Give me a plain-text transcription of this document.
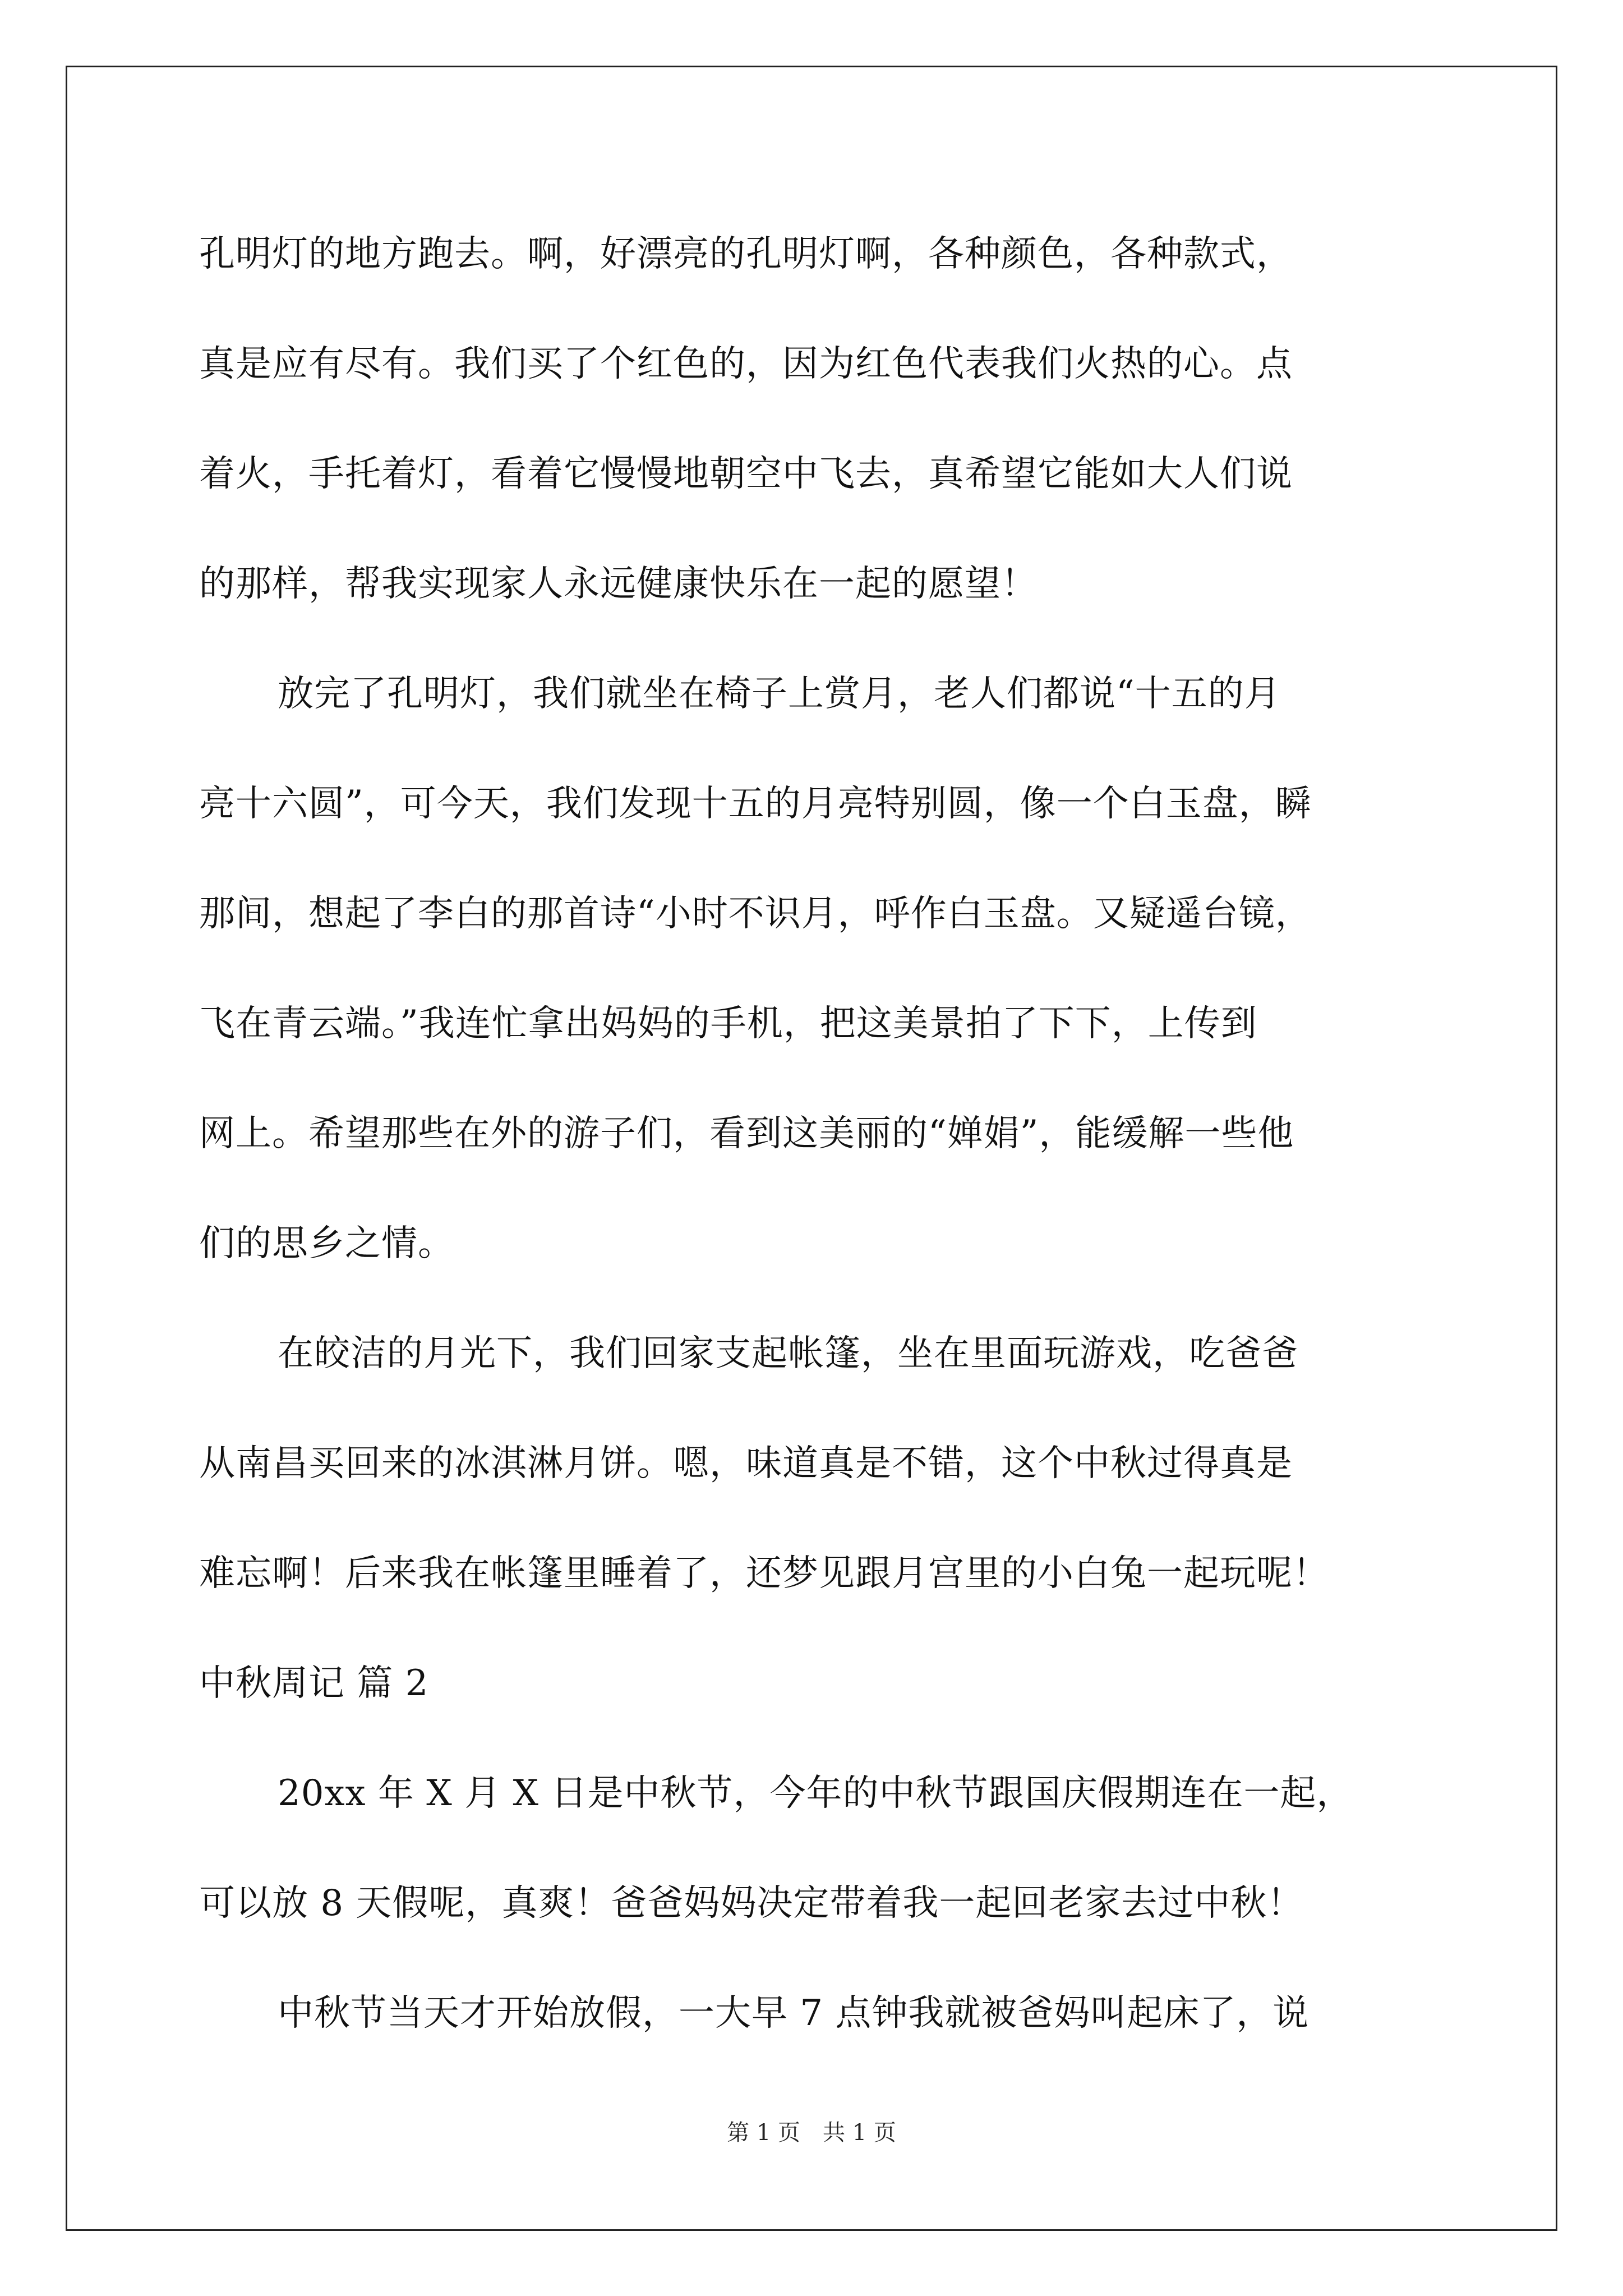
孔明灯的地方跑去。啊，好漂亮的孔明灯啊，各种颜色，各种款式，
真是应有尽有。我们买了个红色的，因为红色代表我们火热的心。点
着火，手托着灯，看着它慢慢地朝空中飞去，真希望它能如大人们说
的那样，帮我实现家人永远健康快乐在一起的愿望！
放完了孔明灯，我们就坐在椅子上赏月，老人们都说“十五的月
亮十六圆”，可今天，我们发现十五的月亮特别圆，像一个白玉盘，瞬
那间，想起了李白的那首诗“小时不识月，呼作白玉盘。又疑遥台镜，
飞在青云端。”我连忙拿出妈妈的手机，把这美景拍了下下，上传到
网上。希望那些在外的游子们，看到这美丽的“婵娟”，能缓解一些他
们的思乡之情。
在皎洁的月光下，我们回家支起帐篷，坐在里面玩游戏，吃爸爸
从南昌买回来的冰淇淋月饼。嗯，味道真是不错，这个中秋过得真是
难忘啊！后来我在帐篷里睡着了，还梦见跟月宫里的小白兔一起玩呢！
中秋周记 篇 2
20xx 年 X 月 X 日是中秋节，今年的中秋节跟国庆假期连在一起，
可以放 8 天假呢，真爽！爸爸妈妈决定带着我一起回老家去过中秋！
中秋节当天才开始放假，一大早 7 点钟我就被爸妈叫起床了，说
第 1 页　共 1 页
